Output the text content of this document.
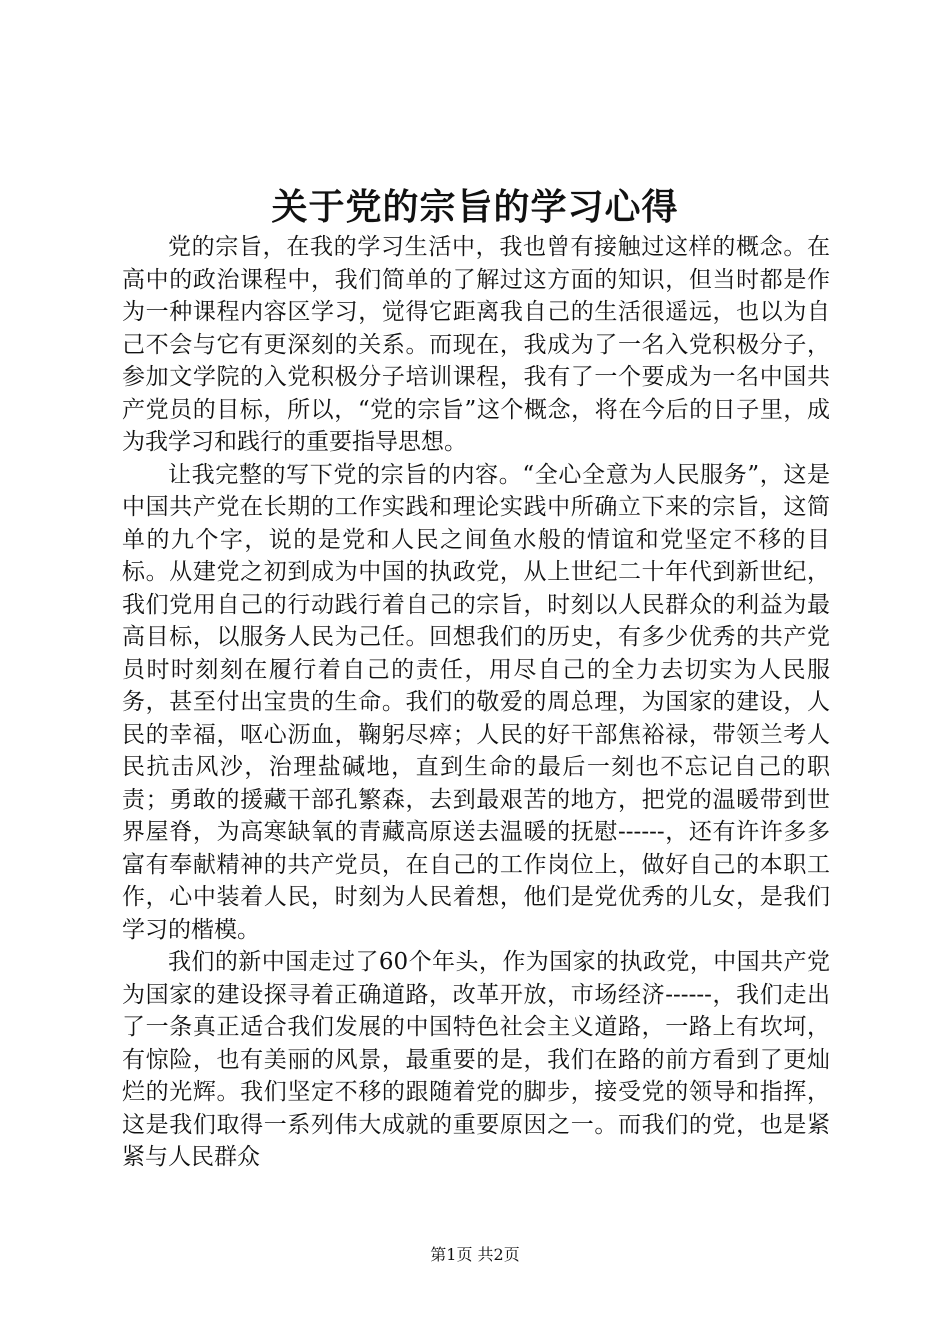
关于党的宗旨的学习心得

党的宗旨，在我的学习生活中，我也曾有接触过这样的概念。在高中的政治课程中，我们简单的了解过这方面的知识，但当时都是作为一种课程内容区学习，觉得它距离我自己的生活很遥远，也以为自己不会与它有更深刻的关系。而现在，我成为了一名入党积极分子，参加文学院的入党积极分子培训课程，我有了一个要成为一名中国共产党员的目标，所以，“党的宗旨”这个概念，将在今后的日子里，成为我学习和践行的重要指导思想。

让我完整的写下党的宗旨的内容。“全心全意为人民服务”，这是中国共产党在长期的工作实践和理论实践中所确立下来的宗旨，这简单的九个字，说的是党和人民之间鱼水般的情谊和党坚定不移的目标。从建党之初到成为中国的执政党，从上世纪二十年代到新世纪，我们党用自己的行动践行着自己的宗旨，时刻以人民群众的利益为最高目标，以服务人民为己任。回想我们的历史，有多少优秀的共产党员时时刻刻在履行着自己的责任，用尽自己的全力去切实为人民服务，甚至付出宝贵的生命。我们的敬爱的周总理，为国家的建设，人民的幸福，呕心沥血，鞠躬尽瘁；人民的好干部焦裕禄，带领兰考人民抗击风沙，治理盐碱地，直到生命的最后一刻也不忘记自己的职责；勇敢的援藏干部孔繁森，去到最艰苦的地方，把党的温暖带到世界屋脊，为高寒缺氧的青藏高原送去温暖的抚慰------，还有许许多多富有奉献精神的共产党员，在自己的工作岗位上，做好自己的本职工作，心中装着人民，时刻为人民着想，他们是党优秀的儿女，是我们学习的楷模。

我们的新中国走过了60个年头，作为国家的执政党，中国共产党为国家的建设探寻着正确道路，改革开放，市场经济------，我们走出了一条真正适合我们发展的中国特色社会主义道路，一路上有坎坷，有惊险，也有美丽的风景，最重要的是，我们在路的前方看到了更灿烂的光辉。我们坚定不移的跟随着党的脚步，接受党的领导和指挥，这是我们取得一系列伟大成就的重要原因之一。而我们的党，也是紧紧与人民群众

第1页 共2页
